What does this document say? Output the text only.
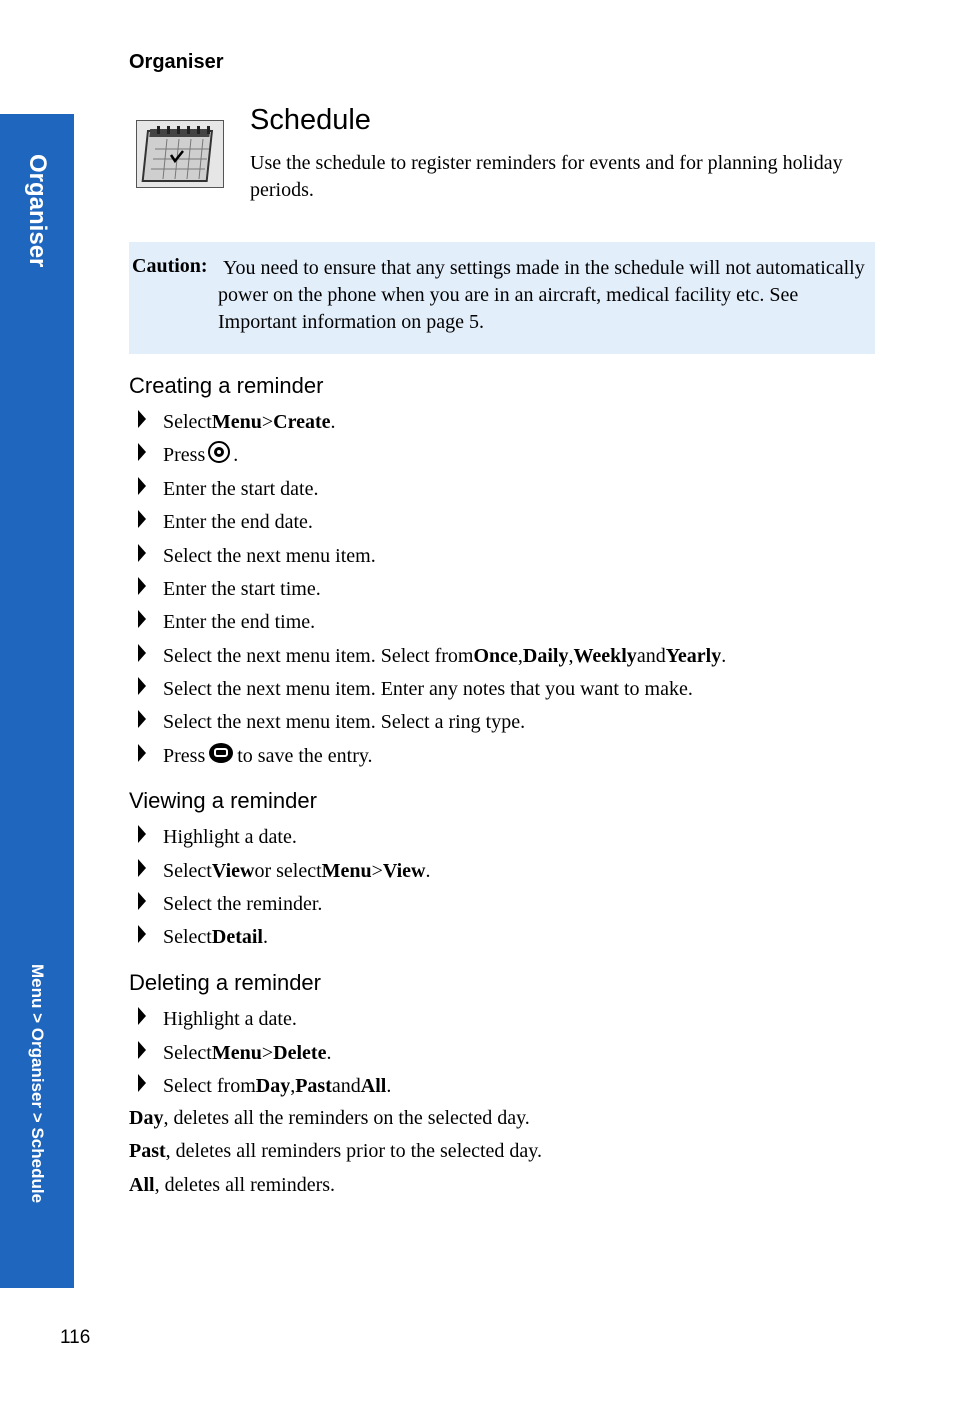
Organiser
Organiser
Menu > Organiser > Schedule
Schedule
Use the schedule to register reminders for events and for planning holiday periods.
Caution: You need to ensure that any settings made in the schedule will not automatically power on the phone when you are in an aircraft, medical facility etc. See Important information on page 5.
Creating a reminder
Select Menu > Create .
Press .
Enter the start date.
Enter the end date.
Select the next menu item.
Enter the start time.
Enter the end time.
Select the next menu item. Select from Once , Daily , Weekly and Yearly .
Select the next menu item. Enter any notes that you want to make.
Select the next menu item. Select a ring type.
Press to save the entry.
Viewing a reminder
Highlight a date.
Select View or select Menu > View .
Select the reminder.
Select Detail .
Deleting a reminder
Highlight a date.
Select Menu > Delete .
Select from Day , Past and All .
Day, deletes all the reminders on the selected day.
Past, deletes all reminders prior to the selected day.
All, deletes all reminders.
116
